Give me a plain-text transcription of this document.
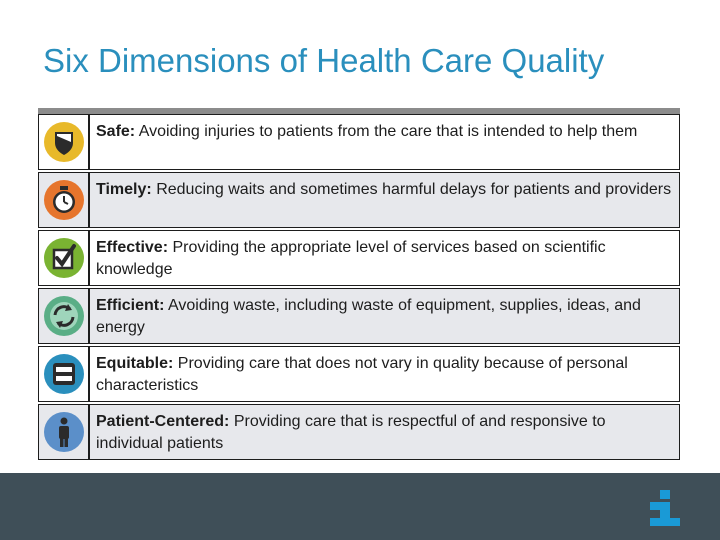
Six Dimensions of Health Care Quality
Safe: Avoiding injuries to patients from the care that is intended to help them
Timely: Reducing waits and sometimes harmful delays for patients and providers
Effective: Providing the appropriate level of services based on scientific knowledge
Efficient: Avoiding waste, including waste of equipment, supplies, ideas, and energy
Equitable: Providing care that does not vary in quality because of personal characteristics
Patient-Centered: Providing care that is respectful of and responsive to individual patients
